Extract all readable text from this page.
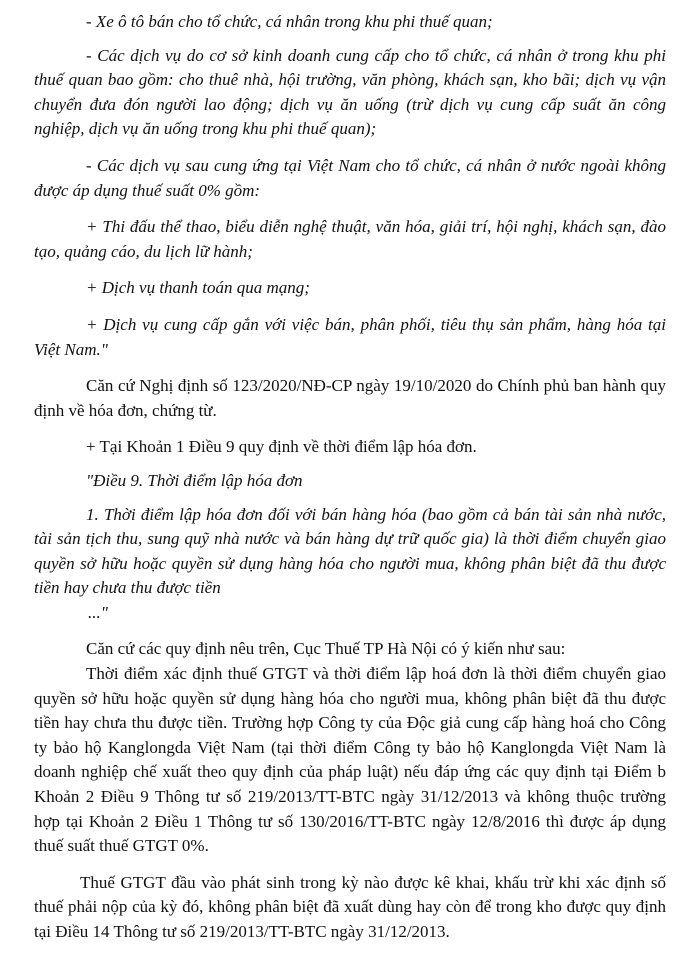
- Xe ô tô bán cho tổ chức, cá nhân trong khu phi thuế quan;

- Các dịch vụ do cơ sở kinh doanh cung cấp cho tổ chức, cá nhân ở trong khu phi thuế quan bao gồm: cho thuê nhà, hội trường, văn phòng, khách sạn, kho bãi; dịch vụ vận chuyển đưa đón người lao động; dịch vụ ăn uống (trừ dịch vụ cung cấp suất ăn công nghiệp, dịch vụ ăn uống trong khu phi thuế quan);

- Các dịch vụ sau cung ứng tại Việt Nam cho tổ chức, cá nhân ở nước ngoài không được áp dụng thuế suất 0% gồm:

+ Thi đấu thể thao, biểu diễn nghệ thuật, văn hóa, giải trí, hội nghị, khách sạn, đào tạo, quảng cáo, du lịch lữ hành;

+ Dịch vụ thanh toán qua mạng;

+ Dịch vụ cung cấp gắn với việc bán, phân phối, tiêu thụ sản phẩm, hàng hóa tại Việt Nam."

Căn cứ Nghị định số 123/2020/NĐ-CP ngày 19/10/2020 do Chính phủ ban hành quy định về hóa đơn, chứng từ.

+ Tại Khoản 1 Điều 9 quy định về thời điểm lập hóa đơn.

"Điều 9. Thời điểm lập hóa đơn

1. Thời điểm lập hóa đơn đối với bán hàng hóa (bao gồm cả bán tài sản nhà nước, tài sản tịch thu, sung quỹ nhà nước và bán hàng dự trữ quốc gia) là thời điểm chuyển giao quyền sở hữu hoặc quyền sử dụng hàng hóa cho người mua, không phân biệt đã thu được tiền hay chưa thu được tiền

..."

Căn cứ các quy định nêu trên, Cục Thuế TP Hà Nội có ý kiến như sau:

Thời điểm xác định thuế GTGT và thời điểm lập hoá đơn là thời điểm chuyển giao quyền sở hữu hoặc quyền sử dụng hàng hóa cho người mua, không phân biệt đã thu được tiền hay chưa thu được tiền. Trường hợp Công ty của Độc giả cung cấp hàng hoá cho Công ty bảo hộ Kanglongda Việt Nam (tại thời điểm Công ty bảo hộ Kanglongda Việt Nam là doanh nghiệp chế xuất theo quy định của pháp luật) nếu đáp ứng các quy định tại Điểm b Khoản 2 Điều 9 Thông tư số 219/2013/TT-BTC ngày 31/12/2013 và không thuộc trường hợp tại Khoản 2 Điều 1 Thông tư số 130/2016/TT-BTC ngày 12/8/2016 thì được áp dụng thuế suất thuế GTGT 0%.

Thuế GTGT đầu vào phát sinh trong kỳ nào được kê khai, khấu trừ khi xác định số thuế phải nộp của kỳ đó, không phân biệt đã xuất dùng hay còn để trong kho được quy định tại Điều 14 Thông tư số 219/2013/TT-BTC ngày 31/12/2013.
